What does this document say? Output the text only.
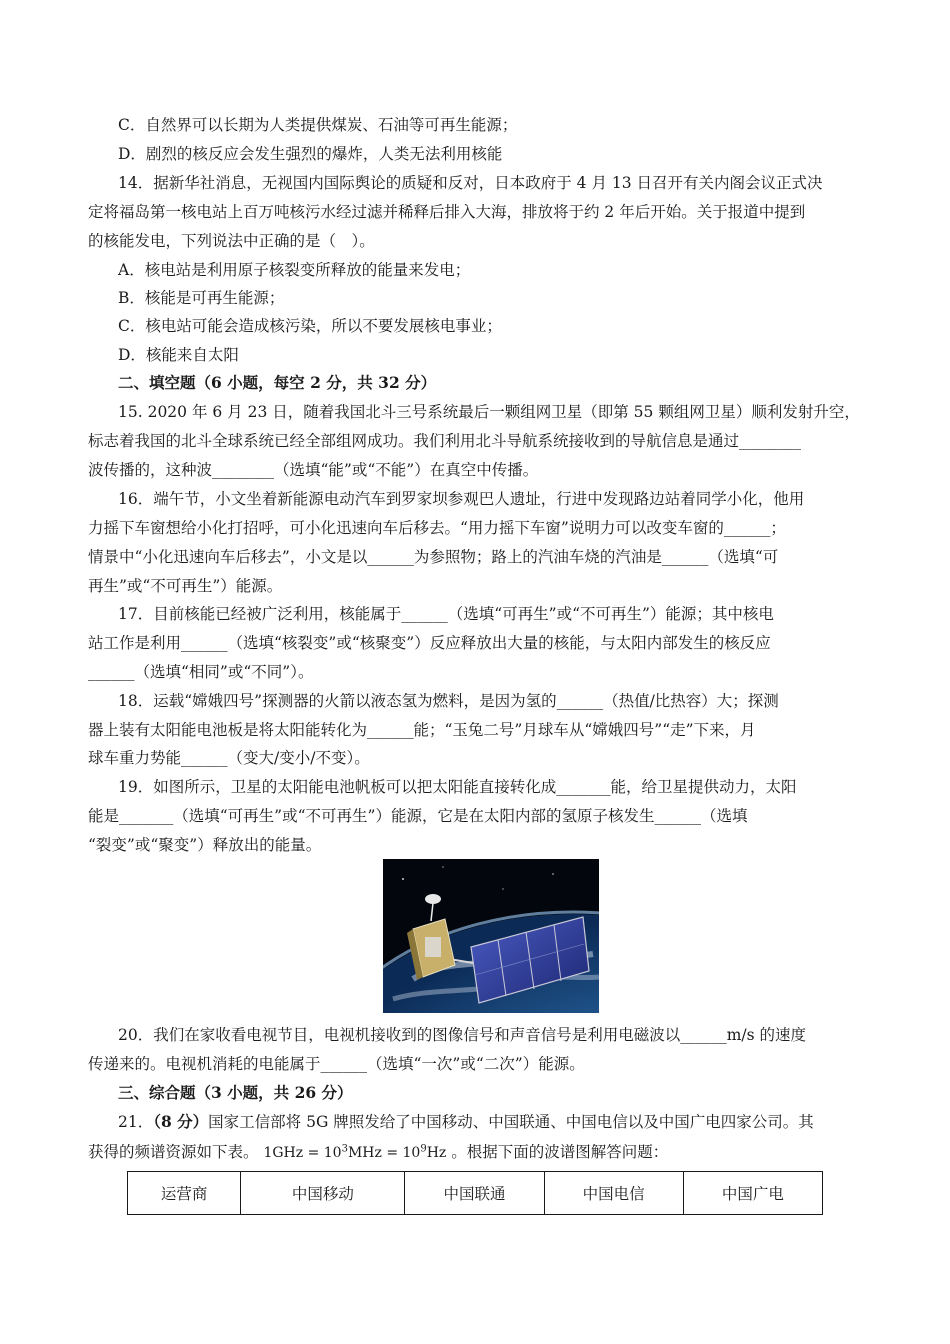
C．自然界可以长期为人类提供煤炭、石油等可再生能源；
D．剧烈的核反应会发生强烈的爆炸，人类无法利用核能
14．据新华社消息，无视国内国际舆论的质疑和反对，日本政府于 4 月 13 日召开有关内阁会议正式决
定将福岛第一核电站上百万吨核污水经过滤并稀释后排入大海，排放将于约 2 年后开始。关于报道中提到
的核能发电，下列说法中正确的是（　）。
A．核电站是利用原子核裂变所释放的能量来发电；
B．核能是可再生能源；
C．核电站可能会造成核污染，所以不要发展核电事业；
D．核能来自太阳
二、填空题（6 小题，每空 2 分，共 32 分）
15. 2020 年 6 月 23 日，随着我国北斗三号系统最后一颗组网卫星（即第 55 颗组网卫星）顺利发射升空，
标志着我国的北斗全球系统已经全部组网成功。我们利用北斗导航系统接收到的导航信息是通过________
波传播的，这种波________（选填“能”或“不能”）在真空中传播。
16．端午节，小文坐着新能源电动汽车到罗家坝参观巴人遗址，行进中发现路边站着同学小化，他用
力摇下车窗想给小化打招呼，可小化迅速向车后移去。“用力摇下车窗”说明力可以改变车窗的______；
情景中“小化迅速向车后移去”，小文是以______为参照物；路上的汽油车烧的汽油是______（选填“可
再生”或“不可再生”）能源。
17．目前核能已经被广泛利用，核能属于______（选填“可再生”或“不可再生”）能源；其中核电
站工作是利用______（选填“核裂变”或“核聚变”）反应释放出大量的核能，与太阳内部发生的核反应
______（选填“相同”或“不同”）。
18．运载“嫦娥四号”探测器的火箭以液态氢为燃料，是因为氢的______（热值/比热容）大；探测
器上装有太阳能电池板是将太阳能转化为______能；“玉兔二号”月球车从“嫦娥四号”“走”下来，月
球车重力势能______（变大/变小/不变）。
19．如图所示，卫星的太阳能电池帆板可以把太阳能直接转化成_______能，给卫星提供动力，太阳
能是_______（选填“可再生”或“不可再生”）能源，它是在太阳内部的氢原子核发生______（选填
“裂变”或“聚变”）释放出的能量。
20．我们在家收看电视节目，电视机接收到的图像信号和声音信号是利用电磁波以______m/s 的速度
传递来的。电视机消耗的电能属于______（选填“一次”或“二次”）能源。
三、综合题（3 小题，共 26 分）
21．（8 分）国家工信部将 5G 牌照发给了中国移动、中国联通、中国电信以及中国广电四家公司。其
获得的频谱资源如下表。 $1GHz = 10^3MHz = 10^9Hz$ 。根据下面的波谱图解答问题：
运营商	中国移动	中国联通	中国电信	中国广电
